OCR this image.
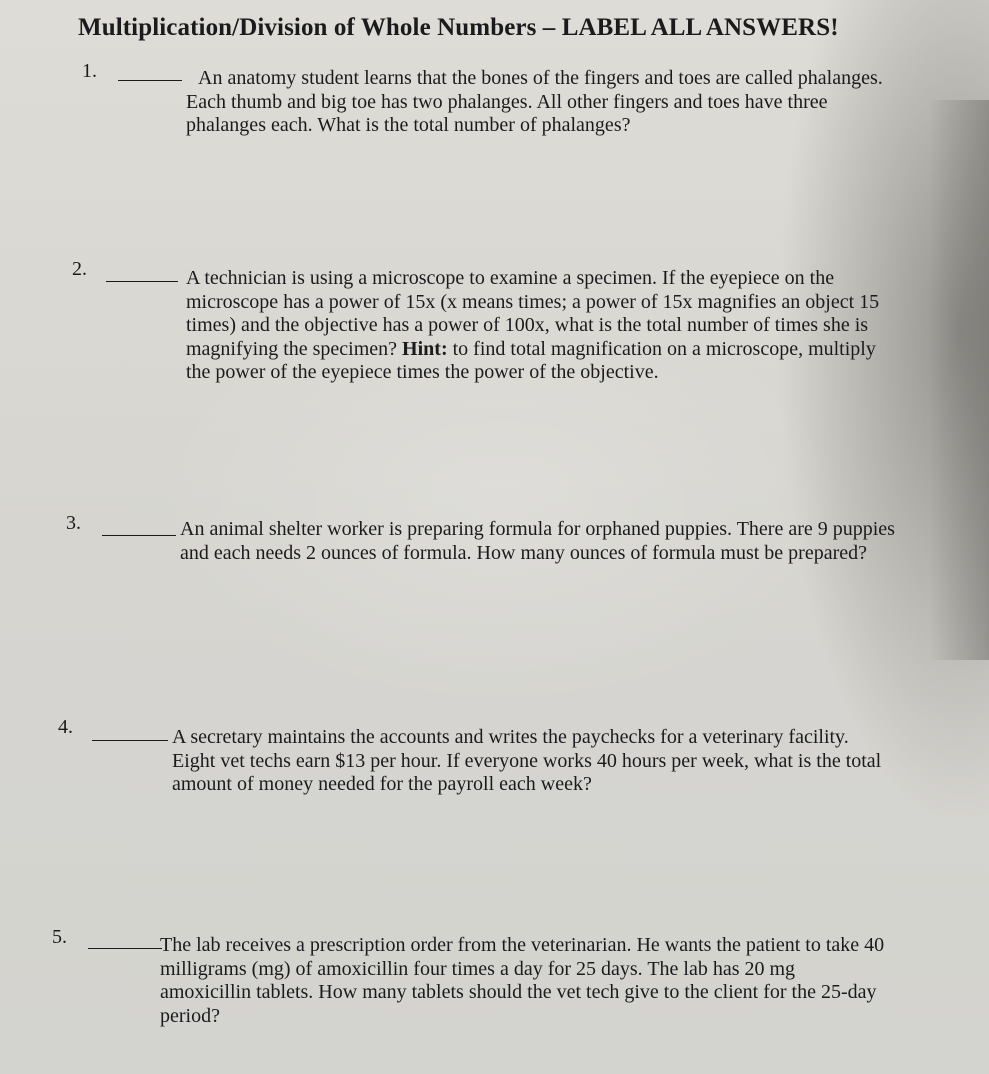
Multiplication/Division of Whole Numbers – LABEL ALL ANSWERS!
1.	An anatomy student learns that the bones of the fingers and toes are called phalanges. Each thumb and big toe has two phalanges. All other fingers and toes have three phalanges each. What is the total number of phalanges?

2.	A technician is using a microscope to examine a specimen. If the eyepiece on the microscope has a power of 15x (x means times; a power of 15x magnifies an object 15 times) and the objective has a power of 100x, what is the total number of times she is magnifying the specimen? Hint: to find total magnification on a microscope, multiply the power of the eyepiece times the power of the objective.

3.	An animal shelter worker is preparing formula for orphaned puppies. There are 9 puppies and each needs 2 ounces of formula. How many ounces of formula must be prepared?

4.	A secretary maintains the accounts and writes the paychecks for a veterinary facility. Eight vet techs earn $13 per hour. If everyone works 40 hours per week, what is the total amount of money needed for the payroll each week?

5.	The lab receives a prescription order from the veterinarian. He wants the patient to take 40 milligrams (mg) of amoxicillin four times a day for 25 days. The lab has 20 mg amoxicillin tablets. How many tablets should the vet tech give to the client for the 25-day period?
